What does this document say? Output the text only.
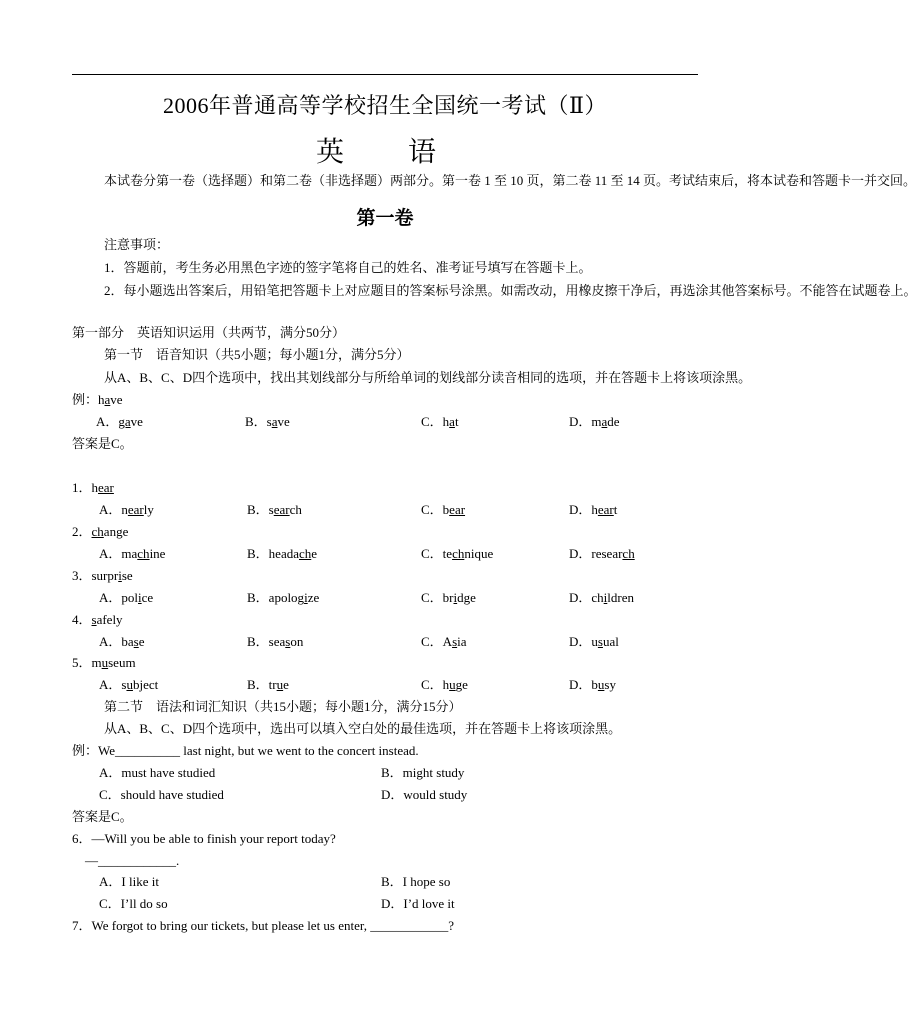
2006年普通高等学校招生全国统一考试（Ⅱ）
英　语
本试卷分第一卷（选择题）和第二卷（非选择题）两部分。第一卷 1 至 10 页，第二卷 11 至 14 页。考试结束后，将本试卷和答题卡一并交回。
第一卷
注意事项：
1．答题前，考生务必用黑色字迹的签字笔将自己的姓名、准考证号填写在答题卡上。
2．每小题选出答案后，用铅笔把答题卡上对应题目的答案标号涂黑。如需改动，用橡皮擦干净后，再选涂其他答案标号。不能答在试题卷上。
第一部分　英语知识运用（共两节，满分50分）
第一节　语音知识（共5小题；每小题1分，满分5分）
从A、B、C、D四个选项中，找出其划线部分与所给单词的划线部分读音相同的选项，并在答题卡上将该项涂黑。
例：have
A．gave	B．save	C．hat	D．made
答案是C。
1．hear
A．nearly	B．search	C．bear	D．heart
2．change
A．machine	B．headache	C．technique	D．research
3．surprise
A．police	B．apologize	C．bridge	D．children
4．safely
A．base	B．season	C．Asia	D．usual
5．museum
A．subject	B．true	C．huge	D．busy
第二节　语法和词汇知识（共15小题；每小题1分，满分15分）
从A、B、C、D四个选项中，选出可以填入空白处的最佳选项，并在答题卡上将该项涂黑。
例：We__________ last night, but we went to the concert instead.
A．must have studied	B．might study
C．should have studied	D．would study
答案是C。
6．—Will you be able to finish your report today?
—____________.
A．I like it	B．I hope so
C．I’ll do so	D．I’d love it
7．We forgot to bring our tickets, but please let us enter, ____________?
